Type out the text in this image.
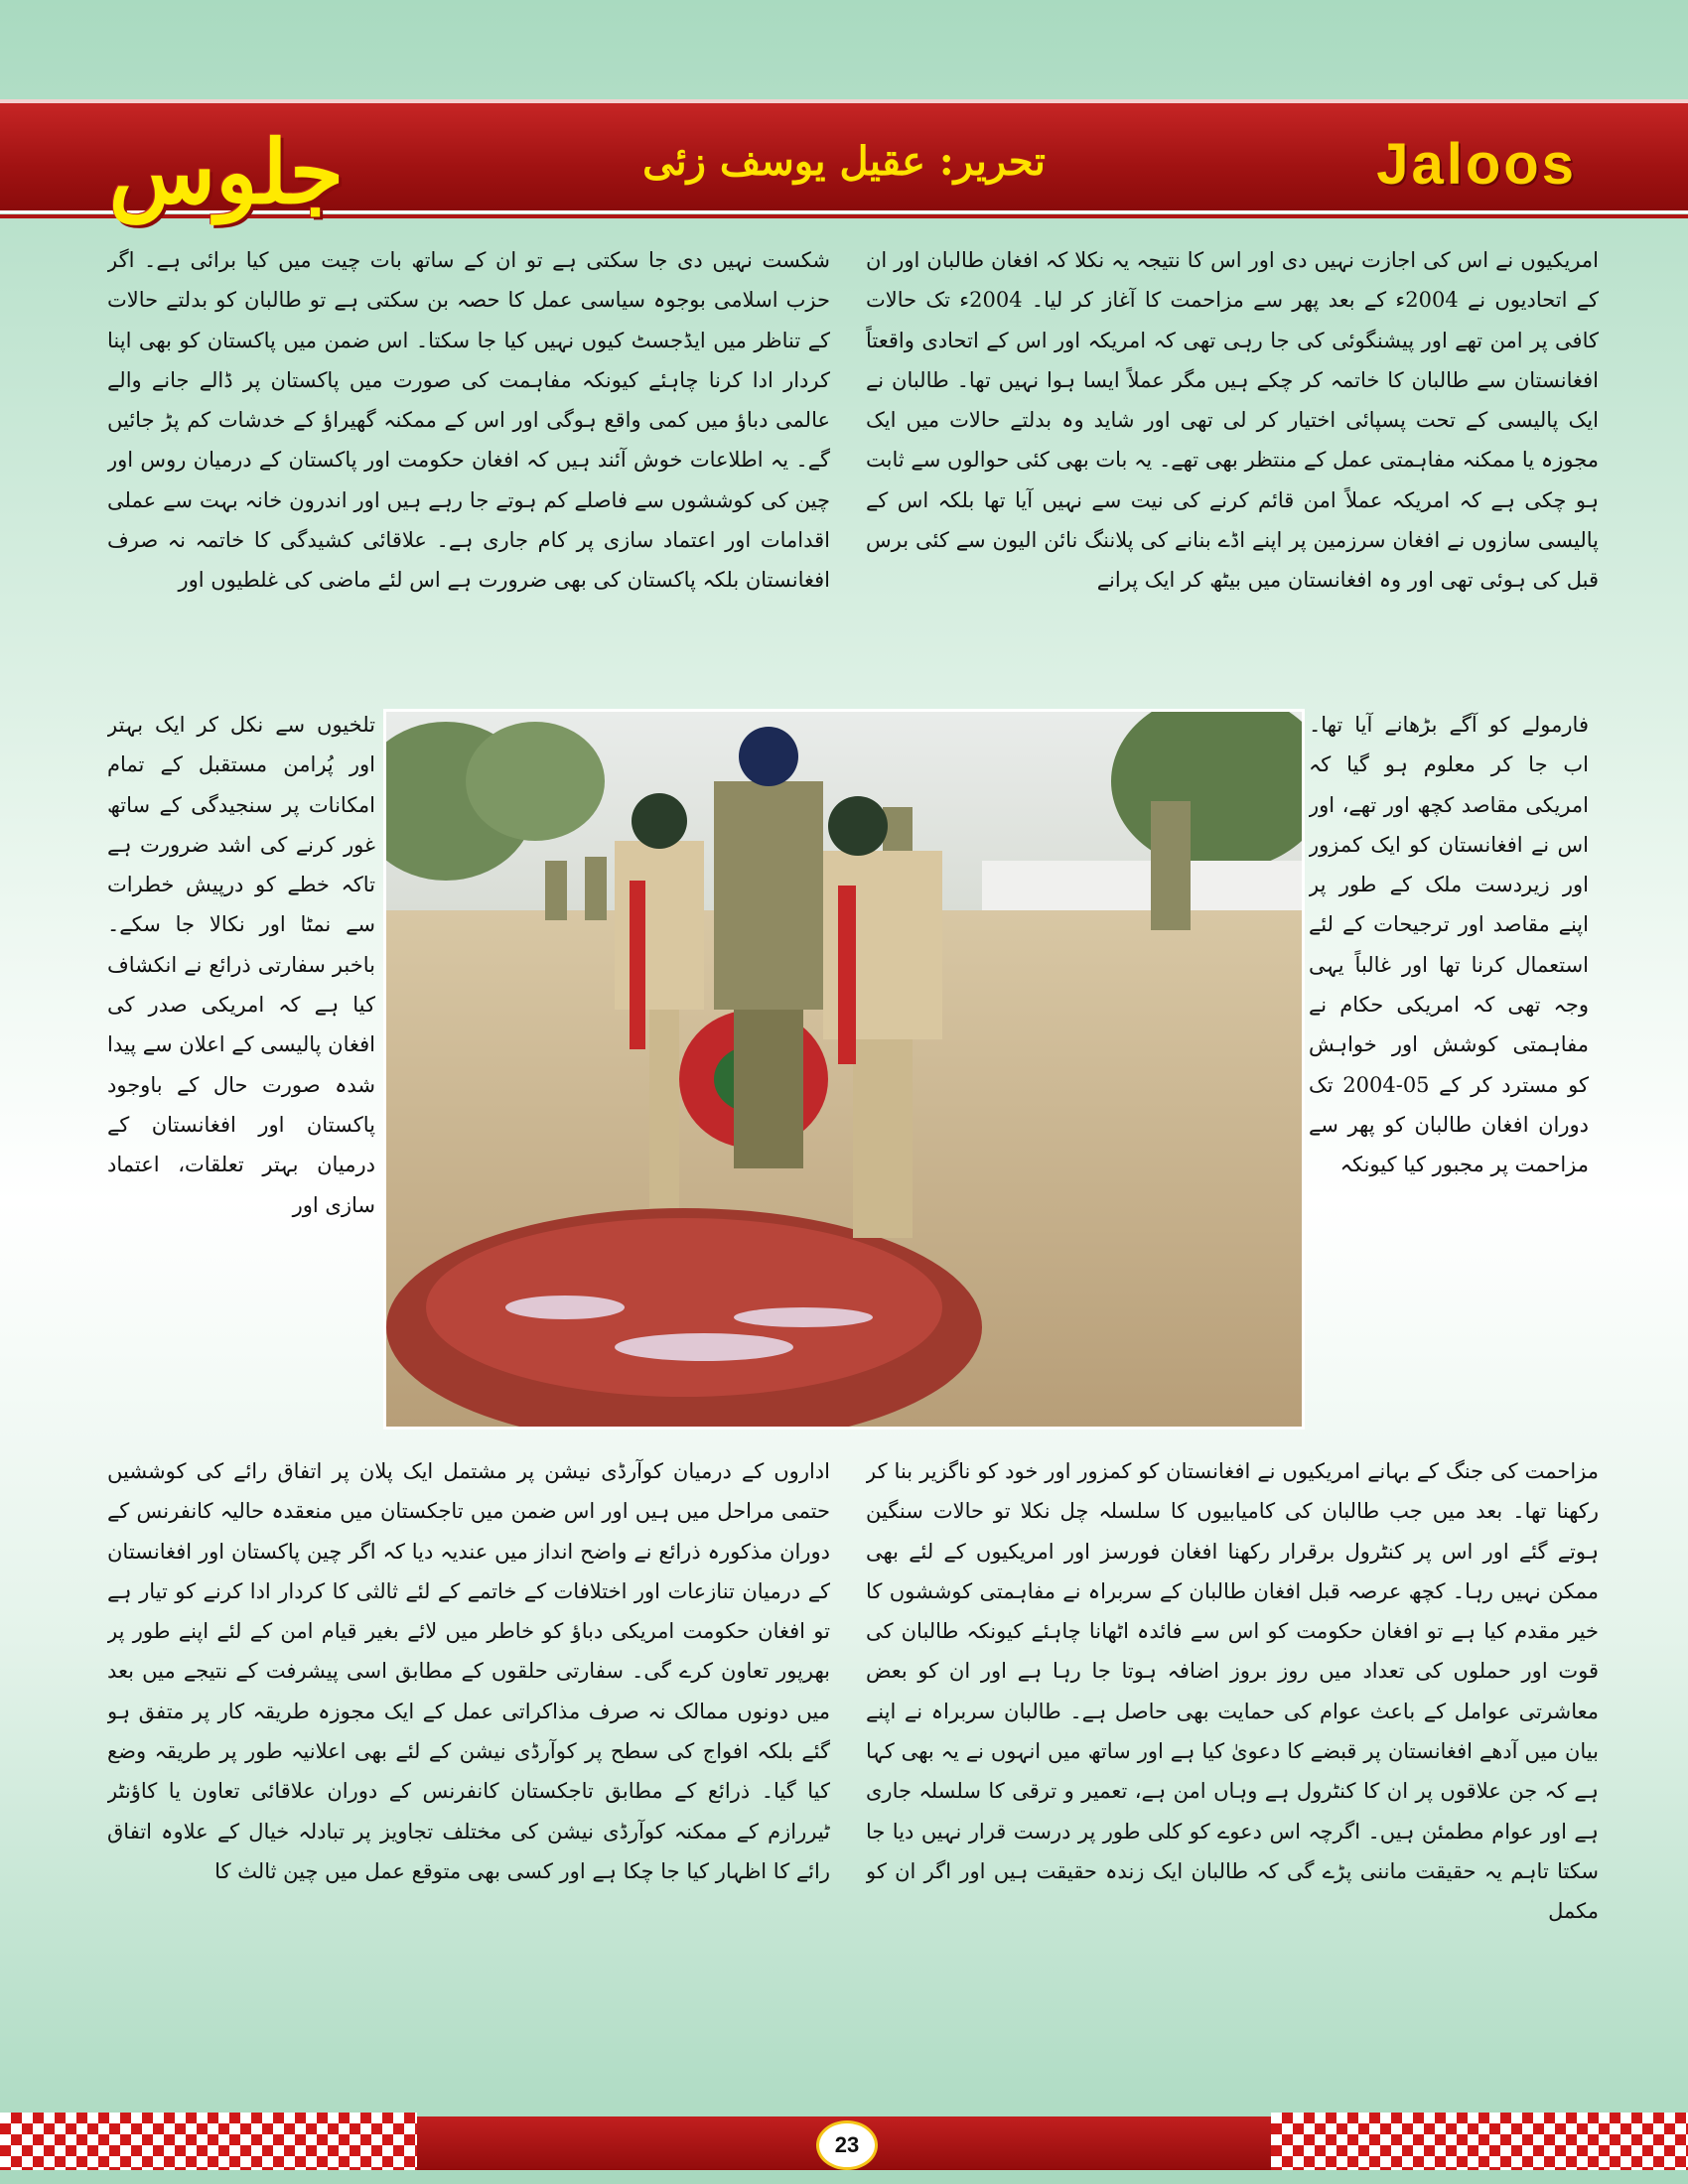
جلوس	تحریر: عقیل یوسف زئی	Jaloos

امریکیوں نے اس کی اجازت نہیں دی اور اس کا نتیجہ یہ نکلا کہ افغان طالبان اور ان کے اتحادیوں نے 2004ء کے بعد پھر سے مزاحمت کا آغاز کر لیا۔ 2004ء تک حالات کافی پر امن تھے اور پیشنگوئی کی جا رہی تھی کہ امریکہ اور اس کے اتحادی واقعتاً افغانستان سے طالبان کا خاتمہ کر چکے ہیں مگر عملاً ایسا ہوا نہیں تھا۔ طالبان نے ایک پالیسی کے تحت پسپائی اختیار کر لی تھی اور شاید وہ بدلتے حالات میں ایک مجوزہ یا ممکنہ مفاہمتی عمل کے منتظر بھی تھے۔ یہ بات بھی کئی حوالوں سے ثابت ہو چکی ہے کہ امریکہ عملاً امن قائم کرنے کی نیت سے نہیں آیا تھا بلکہ اس کے پالیسی سازوں نے افغان سرزمین پر اپنے اڈے بنانے کی پلاننگ نائن الیون سے کئی برس قبل کی ہوئی تھی اور وہ افغانستان میں بیٹھ کر ایک پرانے

شکست نہیں دی جا سکتی ہے تو ان کے ساتھ بات چیت میں کیا برائی ہے۔ اگر حزب اسلامی بوجوہ سیاسی عمل کا حصہ بن سکتی ہے تو طالبان کو بدلتے حالات کے تناظر میں ایڈجسٹ کیوں نہیں کیا جا سکتا۔ اس ضمن میں پاکستان کو بھی اپنا کردار ادا کرنا چاہئے کیونکہ مفاہمت کی صورت میں پاکستان پر ڈالے جانے والے عالمی دباؤ میں کمی واقع ہوگی اور اس کے ممکنہ گھیراؤ کے خدشات کم پڑ جائیں گے۔ یہ اطلاعات خوش آئند ہیں کہ افغان حکومت اور پاکستان کے درمیان روس اور چین کی کوششوں سے فاصلے کم ہوتے جا رہے ہیں اور اندرون خانہ بہت سے عملی اقدامات اور اعتماد سازی پر کام جاری ہے۔ علاقائی کشیدگی کا خاتمہ نہ صرف افغانستان بلکہ پاکستان کی بھی ضرورت ہے اس لئے ماضی کی غلطیوں اور

فارمولے کو آگے بڑھانے آیا تھا۔ اب جا کر معلوم ہو گیا کہ امریکی مقاصد کچھ اور تھے، اور اس نے افغانستان کو ایک کمزور اور زیردست ملک کے طور پر اپنے مقاصد اور ترجیحات کے لئے استعمال کرنا تھا اور غالباً یہی وجہ تھی کہ امریکی حکام نے مفاہمتی کوشش اور خواہش کو مسترد کر کے 05-2004 تک دوران افغان طالبان کو پھر سے مزاحمت پر مجبور کیا کیونکہ

تلخیوں سے نکل کر ایک بہتر اور پُرامن مستقبل کے تمام امکانات پر سنجیدگی کے ساتھ غور کرنے کی اشد ضرورت ہے تاکہ خطے کو درپیش خطرات سے نمٹا اور نکالا جا سکے۔ باخبر سفارتی ذرائع نے انکشاف کیا ہے کہ امریکی صدر کی افغان پالیسی کے اعلان سے پیدا شدہ صورت حال کے باوجود پاکستان اور افغانستان کے درمیان بہتر تعلقات، اعتماد سازی اور

مزاحمت کی جنگ کے بہانے امریکیوں نے افغانستان کو کمزور اور خود کو ناگزیر بنا کر رکھنا تھا۔ بعد میں جب طالبان کی کامیابیوں کا سلسلہ چل نکلا تو حالات سنگین ہوتے گئے اور اس پر کنٹرول برقرار رکھنا افغان فورسز اور امریکیوں کے لئے بھی ممکن نہیں رہا۔ کچھ عرصہ قبل افغان طالبان کے سربراہ نے مفاہمتی کوششوں کا خیر مقدم کیا ہے تو افغان حکومت کو اس سے فائدہ اٹھانا چاہئے کیونکہ طالبان کی قوت اور حملوں کی تعداد میں روز بروز اضافہ ہوتا جا رہا ہے اور ان کو بعض معاشرتی عوامل کے باعث عوام کی حمایت بھی حاصل ہے۔ طالبان سربراہ نے اپنے بیان میں آدھے افغانستان پر قبضے کا دعویٰ کیا ہے اور ساتھ میں انہوں نے یہ بھی کہا ہے کہ جن علاقوں پر ان کا کنٹرول ہے وہاں امن ہے، تعمیر و ترقی کا سلسلہ جاری ہے اور عوام مطمئن ہیں۔ اگرچہ اس دعوے کو کلی طور پر درست قرار نہیں دیا جا سکتا تاہم یہ حقیقت ماننی پڑے گی کہ طالبان ایک زندہ حقیقت ہیں اور اگر ان کو مکمل

اداروں کے درمیان کوآرڈی نیشن پر مشتمل ایک پلان پر اتفاق رائے کی کوششیں حتمی مراحل میں ہیں اور اس ضمن میں تاجکستان میں منعقدہ حالیہ کانفرنس کے دوران مذکورہ ذرائع نے واضح انداز میں عندیہ دیا کہ اگر چین پاکستان اور افغانستان کے درمیان تنازعات اور اختلافات کے خاتمے کے لئے ثالثی کا کردار ادا کرنے کو تیار ہے تو افغان حکومت امریکی دباؤ کو خاطر میں لائے بغیر قیام امن کے لئے اپنے طور پر بھرپور تعاون کرے گی۔ سفارتی حلقوں کے مطابق اسی پیشرفت کے نتیجے میں بعد میں دونوں ممالک نہ صرف مذاکراتی عمل کے ایک مجوزہ طریقہ کار پر متفق ہو گئے بلکہ افواج کی سطح پر کوآرڈی نیشن کے لئے بھی اعلانیہ طور پر طریقہ وضع کیا گیا۔ ذرائع کے مطابق تاجکستان کانفرنس کے دوران علاقائی تعاون یا کاؤنٹر ٹیررازم کے ممکنہ کوآرڈی نیشن کی مختلف تجاویز پر تبادلہ خیال کے علاوہ اتفاق رائے کا اظہار کیا جا چکا ہے اور کسی بھی متوقع عمل میں چین ثالث کا

23
